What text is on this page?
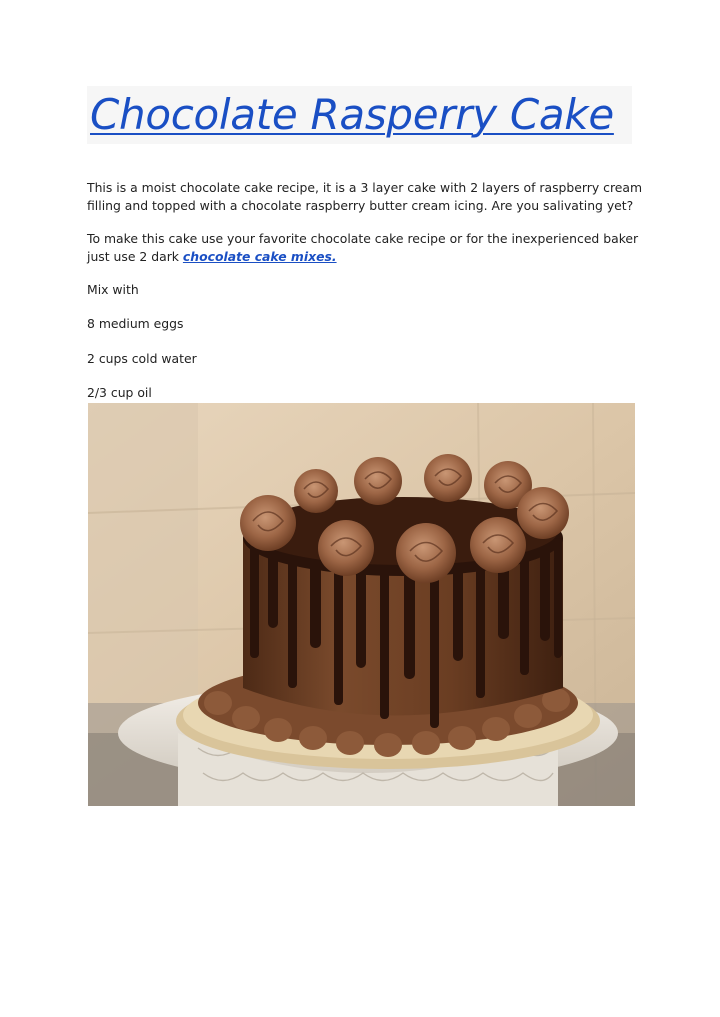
Chocolate Rasperry Cake

This is a moist chocolate cake recipe, it is a 3 layer cake with 2 layers of raspberry cream
filling and topped with a chocolate raspberry butter cream icing. Are you salivating yet?

To make this cake use your favorite chocolate cake recipe or for the inexperienced baker
just use 2 dark chocolate cake mixes.

Mix with

8 medium eggs

2 cups cold water

2/3 cup oil
